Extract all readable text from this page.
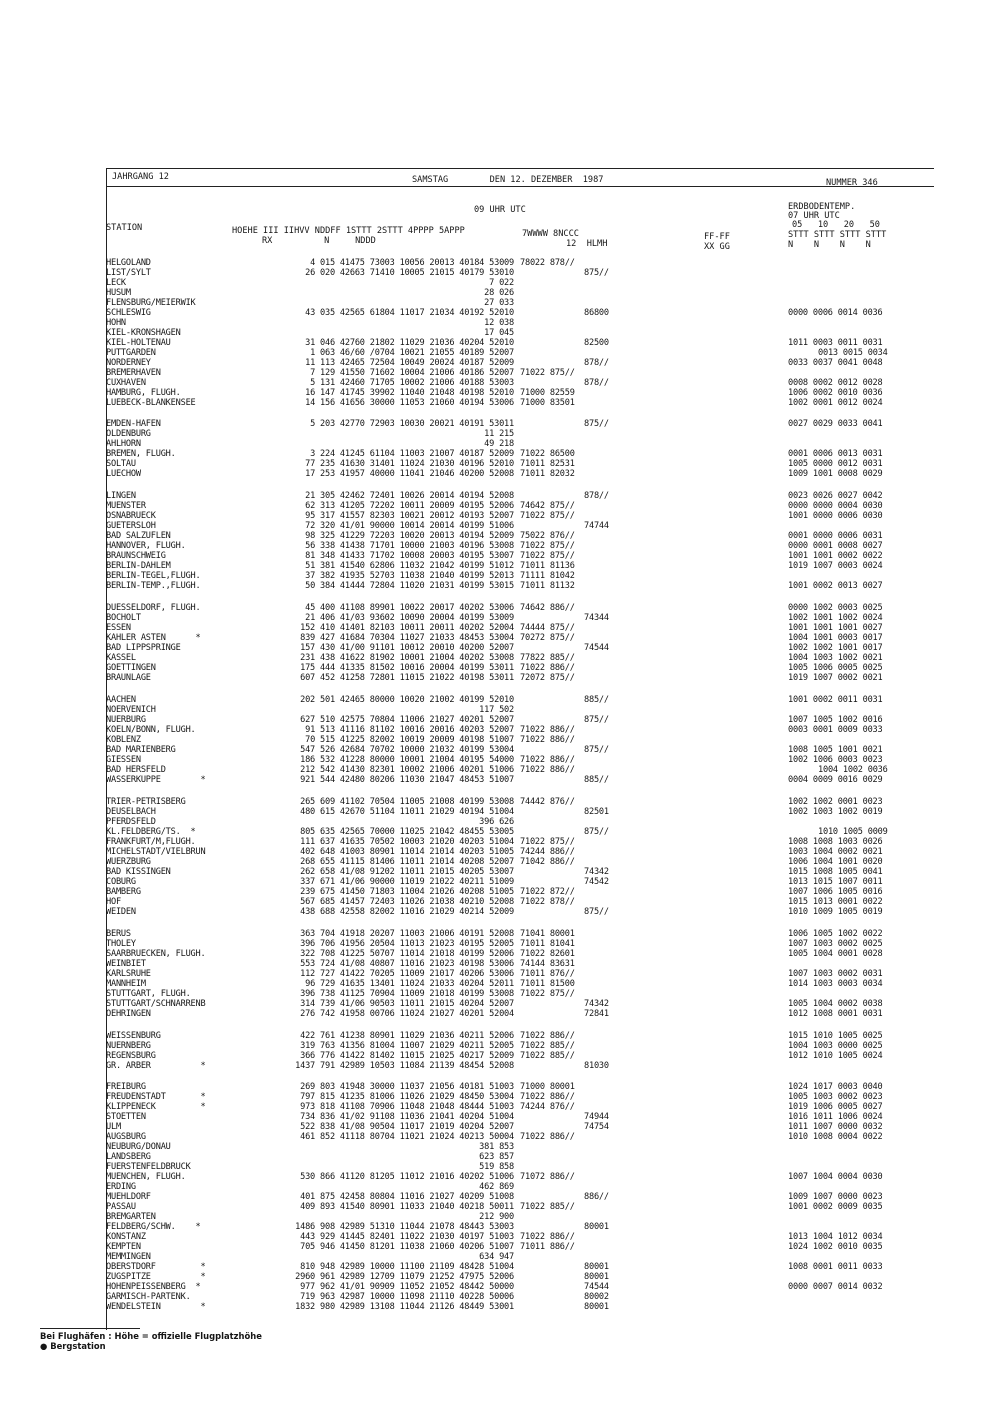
JAHRGANG 12	SAMSTAG        DEN 12. DEZEMBER  1987	NUMMER 346
09 UHR UTC
STATION	HOEHE III IIHVV NDDFF 1STTT 2STTT 4PPPP 5APPP
RX          N     NDDD
7WWWW 8NCCC
12  HLMH
FF-FF
XX GG
ERDBODENTEMP.
07 UHR UTC
05   10   20   50
STTT STTT STTT STTT
N    N    N    N
HELGOLAND	4 015 41475 73003 10056 20013 40184 53009 78022 878//
LIST/SYLT	26 020 42663 71410 10005 21015 40179 53010	875//
LECK	7 022
HUSUM	28 026
FLENSBURG/MEIERWIK	27 033
SCHLESWIG	43 035 42565 61804 11017 21034 40192 52010	86800	0000 0006 0014 0036
HOHN	12 038
KIEL-KRONSHAGEN	17 045
KIEL-HOLTENAU	31 046 42760 21802 11029 21036 40204 52010	82500	1011 0003 0011 0031
PUTTGARDEN	1 063 46/60 /0704 10021 21055 40189 52007	0013 0015 0034
NORDERNEY	11 113 42465 72504 10049 20024 40187 52009	878//	0033 0037 0041 0048
BREMERHAVEN	7 129 41550 71602 10004 21006 40186 52007 71022 875//
CUXHAVEN	5 131 42460 71705 10002 21006 40188 53003	878//	0008 0002 0012 0028
HAMBURG, FLUGH.	16 147 41745 39902 11040 21048 40198 52010 71000 82559	1006 0002 0010 0036
LUEBECK-BLANKENSEE	14 156 41656 30000 11053 21060 40194 53006 71000 83501	1002 0001 0012 0024
EMDEN-HAFEN	5 203 42770 72903 10030 20021 40191 53011	875//	0027 0029 0033 0041
OLDENBURG	11 215
AHLHORN	49 218
BREMEN, FLUGH.	3 224 41245 61104 11003 21007 40187 52009 71022 86500	0001 0006 0013 0031
SOLTAU	77 235 41630 31401 11024 21030 40196 52010 71011 82531	1005 0000 0012 0031
LUECHOW	17 253 41957 40000 11041 21046 40200 52008 71011 82032	1009 1001 0008 0029
LINGEN	21 305 42462 72401 10026 20014 40194 52008	878//	0023 0026 0027 0042
MUENSTER	62 313 41205 72202 10011 20009 40195 52006 74642 875//	0000 0000 0004 0030
OSNABRUECK	95 317 41557 82303 10021 20012 40193 52007 71022 875//	1001 0000 0006 0030
GUETERSLOH	72 320 41/01 90000 10014 20014 40199 51006	74744
BAD SALZUFLEN	98 325 41229 72203 10020 20013 40194 52009 75022 876//	0001 0000 0006 0031
HANNOVER, FLUGH.	56 338 41438 71701 10000 21003 40196 53008 71022 875//	0000 0001 0008 0027
BRAUNSCHWEIG	81 348 41433 71702 10008 20003 40195 53007 71022 875//	1001 1001 0002 0022
BERLIN-DAHLEM	51 381 41540 62806 11032 21042 40199 51012 71011 81136	1019 1007 0003 0024
BERLIN-TEGEL,FLUGH.	37 382 41935 52703 11038 21040 40199 52013 71111 81042
BERLIN-TEMP.,FLUGH.	50 384 41444 72804 11020 21031 40199 53015 71011 81132	1001 0002 0013 0027
DUESSELDORF, FLUGH.	45 400 41108 89901 10022 20017 40202 53006 74642 886//	0000 1002 0003 0025
BOCHOLT	21 406 41/03 93602 10090 20004 40199 53009	74344	1002 1001 1002 0024
ESSEN	152 410 41401 82103 10011 20011 40202 52004 74444 875//	1001 1001 1001 0027
KAHLER ASTEN      *	839 427 41684 70304 11027 21033 48453 53004 70272 875//	1004 1001 0003 0017
BAD LIPPSPRINGE	157 430 41/00 91101 10012 20010 40200 52007	74544	1002 1002 1001 0017
KASSEL	231 438 41622 81902 10001 21004 40202 53008 77822 885//	1004 1003 1002 0021
GOETTINGEN	175 444 41335 81502 10016 20004 40199 53011 71022 886//	1005 1006 0005 0025
BRAUNLAGE	607 452 41258 72801 11015 21022 40198 53011 72072 875//	1019 1007 0002 0021
AACHEN	202 501 42465 80000 10020 21002 40199 52010	885//	1001 0002 0011 0031
NOERVENICH	117 502
NUERBURG	627 510 42575 70804 11006 21027 40201 52007	875//	1007 1005 1002 0016
KOELN/BONN, FLUGH.	91 513 41116 81102 10016 20016 40203 52007 71022 886//	0003 0001 0009 0033
KOBLENZ	70 515 41225 82002 10019 20009 40198 51007 71022 886//
BAD MARIENBERG	547 526 42684 70702 10000 21032 40199 53004	875//	1008 1005 1001 0021
GIESSEN	186 532 41228 80000 10001 21004 40195 54000 71022 886//	1002 1006 0003 0023
BAD HERSFELD	212 542 41430 82301 10002 21006 40201 51006 71022 886//	1004 1002 0036
WASSERKUPPE        *	921 544 42480 80206 11030 21047 48453 51007	885//	0004 0009 0016 0029
TRIER-PETRISBERG	265 609 41102 70504 11005 21008 40199 53008 74442 876//	1002 1002 0001 0023
DEUSELBACH	480 615 42670 51104 11011 21029 40194 51004	82501	1002 1003 1002 0019
PFERDSFELD	396 626
KL.FELDBERG/TS.  *	805 635 42565 70000 11025 21042 48455 53005	875//	1010 1005 0009
FRANKFURT/M,FLUGH.	111 637 41635 70502 10003 21020 40203 51004 71022 875//	1008 1008 1003 0026
MICHELSTADT/VIELBRUN	402 648 41003 80901 11014 21014 40203 51005 74244 886//	1003 1004 0002 0021
WUERZBURG	268 655 41115 81406 11011 21014 40208 52007 71042 886//	1006 1004 1001 0020
BAD KISSINGEN	262 658 41/08 91202 11011 21015 40205 53007	74342	1015 1008 1005 0041
COBURG	337 671 41/06 90000 11019 21022 40211 51009	74542	1013 1015 1007 0011
BAMBERG	239 675 41450 71803 11004 21026 40208 51005 71022 872//	1007 1006 1005 0016
HOF	567 685 41457 72403 11026 21038 40210 52008 71022 878//	1015 1013 0001 0022
WEIDEN	438 688 42558 82002 11016 21029 40214 52009	875//	1010 1009 1005 0019
BERUS	363 704 41918 20207 11003 21006 40191 52008 71041 80001	1006 1005 1002 0022
THOLEY	396 706 41956 20504 11013 21023 40195 52005 71011 81041	1007 1003 0002 0025
SAARBRUECKEN, FLUGH.	322 708 41225 50707 11014 21018 40199 52006 71022 82601	1005 1004 0001 0028
WEINBIET	553 724 41/08 40807 11016 21023 40198 53006 74144 83631
KARLSRUHE	112 727 41422 70205 11009 21017 40206 53006 71011 876//	1007 1003 0002 0031
MANNHEIM	96 729 41635 13401 11024 21033 40204 52011 71011 81500	1014 1003 0003 0034
STUTTGART, FLUGH.	396 738 41125 70904 11009 21018 40199 53008 71022 875//
STUTTGART/SCHNARRENB	314 739 41/06 90503 11011 21015 40204 52007	74342	1005 1004 0002 0038
OEHRINGEN	276 742 41958 00706 11024 21027 40201 52004	72841	1012 1008 0001 0031
WEISSENBURG	422 761 41238 80901 11029 21036 40211 52006 71022 886//	1015 1010 1005 0025
NUERNBERG	319 763 41356 81004 11007 21029 40211 52005 71022 885//	1004 1003 0000 0025
REGENSBURG	366 776 41422 81402 11015 21025 40217 52009 71022 885//	1012 1010 1005 0024
GR. ARBER          *	1437 791 42989 10503 11084 21139 48454 52008	81030
FREIBURG	269 803 41948 30000 11037 21056 40181 51003 71000 80001	1024 1017 0003 0040
FREUDENSTADT       *	797 815 41235 81006 11026 21029 48450 53004 71022 886//	1005 1003 0002 0023
KLIPPENECK         *	973 818 41108 70906 11048 21048 48444 51003 74244 876//	1019 1006 0005 0027
STOETTEN	734 836 41/02 91108 11036 21041 40204 51004	74944	1016 1011 1006 0024
ULM	522 838 41/08 90504 11017 21019 40204 52007	74754	1011 1007 0000 0032
AUGSBURG	461 852 41118 80704 11021 21024 40213 50004 71022 886//	1010 1008 0004 0022
NEUBURG/DONAU	381 853
LANDSBERG	623 857
FUERSTENFELDBRUCK	519 858
MUENCHEN, FLUGH.	530 866 41120 81205 11012 21016 40202 51006 71072 886//	1007 1004 0004 0030
ERDING	462 869
MUEHLDORF	401 875 42458 80804 11016 21027 40209 51008	886//	1009 1007 0000 0023
PASSAU	409 893 41540 80901 11033 21040 40218 50011 71022 885//	1001 0002 0009 0035
BREMGARTEN	212 900
FELDBERG/SCHW.    *	1486 908 42989 51310 11044 21078 48443 53003	80001
KONSTANZ	443 929 41445 82401 11022 21030 40197 51003 71022 886//	1013 1004 1012 0034
KEMPTEN	705 946 41450 81201 11038 21060 40206 51007 71011 886//	1024 1002 0010 0035
MEMMINGEN	634 947
OBERSTDORF         *	810 948 42989 10000 11100 21109 48428 51004	80001	1008 0001 0011 0033
ZUGSPITZE          *	2960 961 42989 12709 11079 21252 47975 52006	80001
HOHENPEISSENBERG  *	977 962 41/01 90909 11052 21052 48442 50000	74544	0000 0007 0014 0032
GARMISCH-PARTENK.	719 963 42987 10000 11098 21110 40228 50006	80002
WENDELSTEIN        *	1832 980 42989 13108 11044 21126 48449 53001	80001
Bei Flughäfen : Höhe = offizielle Flugplatzhöhe
● Bergstation
